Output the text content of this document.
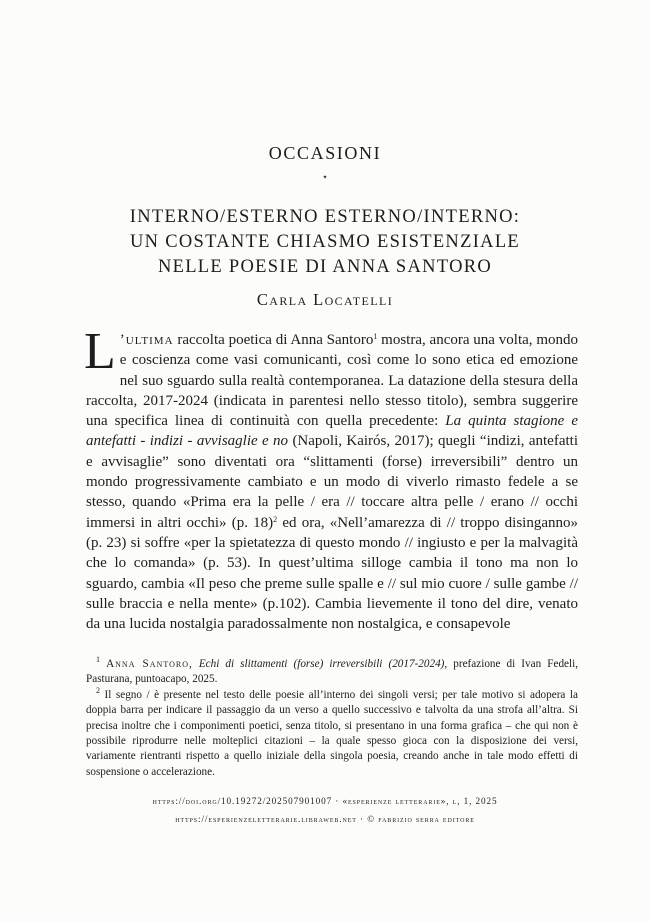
OCCASIONI
⋆
INTERNO/ESTERNO ESTERNO/INTERNO:
UN COSTANTE CHIASMO ESISTENZIALE
NELLE POESIE DI ANNA SANTORO
Carla Locatelli
L ’ultima raccolta poetica di Anna Santoro$^1$ mostra, ancora una volta, mondo e coscienza come vasi comunicanti, così come lo sono etica ed emozione nel suo sguardo sulla realtà contemporanea. La datazione della stesura della raccolta, 2017-2024 (indicata in parentesi nello stesso titolo), sembra suggerire una specifica linea di continuità con quella precedente: La quinta stagione e antefatti - indizi - avvisaglie e no (Napoli, Kairós, 2017); quegli “indizi, antefatti e avvisaglie” sono diventati ora “slittamenti (forse) irreversibili” dentro un mondo progressivamente cambiato e un modo di viverlo rimasto fedele a se stesso, quando «Prima era la pelle / era // toccare altra pelle / erano // occhi immersi in altri occhi» (p. 18)$^2$ ed ora, «Nell’amarezza di // troppo disinganno» (p. 23) si soffre «per la spietatezza di questo mondo // ingiusto e per la malvagità che lo comanda» (p. 53). In quest’ultima silloge cambia il tono ma non lo sguardo, cambia «Il peso che preme sulle spalle e // sul mio cuore / sulle gambe // sulle braccia e nella mente» (p.102). Cambia lievemente il tono del dire, venato da una lucida nostalgia paradossalmente non nostalgica, e consapevole

$^1$ Anna Santoro, Echi di slittamenti (forse) irreversibili (2017-2024), prefazione di Ivan Fedeli, Pasturana, puntoacapo, 2025.

$^2$ Il segno / è presente nel testo delle poesie all’interno dei singoli versi; per tale motivo si adopera la doppia barra per indicare il passaggio da un verso a quello successivo e talvolta da una strofa all’altra. Si precisa inoltre che i componimenti poetici, senza titolo, si presentano in una forma grafica – che qui non è possibile riprodurre nelle molteplici citazioni – la quale spesso gioca con la disposizione dei versi, variamente rientranti rispetto a quello iniziale della singola poesia, creando anche in tale modo effetti di sospensione o accelerazione.

https://doi.org/10.19272/202507901007 · «esperienze letterarie», l, 1, 2025
https://esperienzeletterarie.libraweb.net · © fabrizio serra editore
